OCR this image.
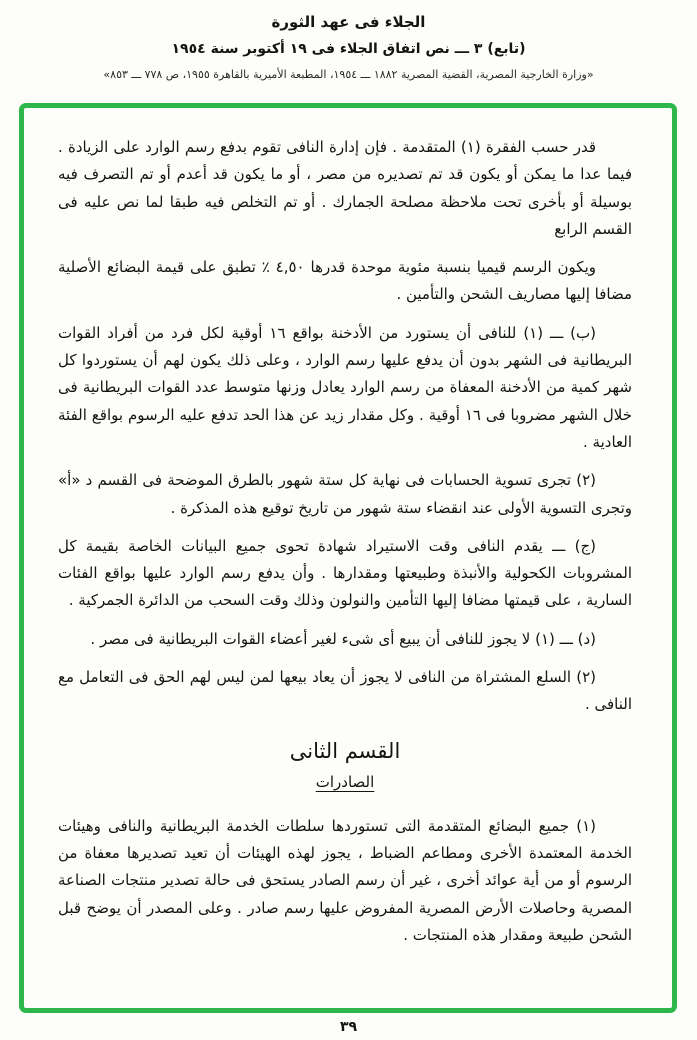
الجلاء فى عهد الثورة
(تابع) ٣ ـــ نص اتفاق الجلاء فى ١٩ أكتوبر سنة ١٩٥٤
«وزارة الخارجية المصرية، القضية المصرية ١٨٨٢ ـــ ١٩٥٤، المطبعة الأميرية بالقاهرة ١٩٥٥، ص ٧٧٨ ـــ ٨٥٣»

قدر حسب الفقرة (١) المتقدمة . فإن إدارة النافى تقوم بدفع رسم الوارد على الزيادة . فيما عدا ما يمكن أو يكون قد تم تصديره من مصر ، أو ما يكون قد أعدم أو تم التصرف فيه بوسيلة أو بأخرى تحت ملاحظة مصلحة الجمارك . أو تم التخلص فيه طبقا لما نص عليه فى القسم الرابع

ويكون الرسم قيميا بنسبة مئوية موحدة قدرها ٤,٥٠ ٪ تطبق على قيمة البضائع الأصلية مضافا إليها مصاريف الشحن والتأمين .

(ب) ـــ (١) للنافى أن يستورد من الأدخنة بواقع ١٦ أوقية لكل فرد من أفراد القوات البريطانية فى الشهر بدون أن يدفع عليها رسم الوارد ، وعلى ذلك يكون لهم أن يستوردوا كل شهر كمية من الأدخنة المعفاة من رسم الوارد يعادل وزنها متوسط عدد القوات البريطانية فى خلال الشهر مضروبا فى ١٦ أوقية . وكل مقدار زيد عن هذا الحد تدفع عليه الرسوم بواقع الفئة العادية .

(٢) تجرى تسوية الحسابات فى نهاية كل ستة شهور بالطرق الموضحة فى القسم د «أ» وتجرى التسوية الأولى عند انقضاء ستة شهور من تاريخ توقيع هذه المذكرة .

(ج) ـــ يقدم النافى وقت الاستيراد شهادة تحوى جميع البيانات الخاصة بقيمة كل المشروبات الكحولية والأنبذة وطبيعتها ومقدارها . وأن يدفع رسم الوارد عليها بواقع الفئات السارية ، على قيمتها مضافا إليها التأمين والنولون وذلك وقت السحب من الدائرة الجمركية .

(د) ـــ (١) لا يجوز للنافى أن يبيع أى شىء لغير أعضاء القوات البريطانية فى مصر .

(٢) السلع المشتراة من النافى لا يجوز أن يعاد بيعها لمن ليس لهم الحق فى التعامل مع النافى .

القسم الثانى
الصادرات

(١) جميع البضائع المتقدمة التى تستوردها سلطات الخدمة البريطانية والنافى وهيئات الخدمة المعتمدة الأخرى ومطاعم الضباط ، يجوز لهذه الهيئات أن تعيد تصديرها معفاة من الرسوم أو من أية عوائد أخرى ، غير أن رسم الصادر يستحق فى حالة تصدير منتجات الصناعة المصرية وحاصلات الأرض المصرية المفروض عليها رسم صادر . وعلى المصدر أن يوضح قبل الشحن طبيعة ومقدار هذه المنتجات .

٣٩
